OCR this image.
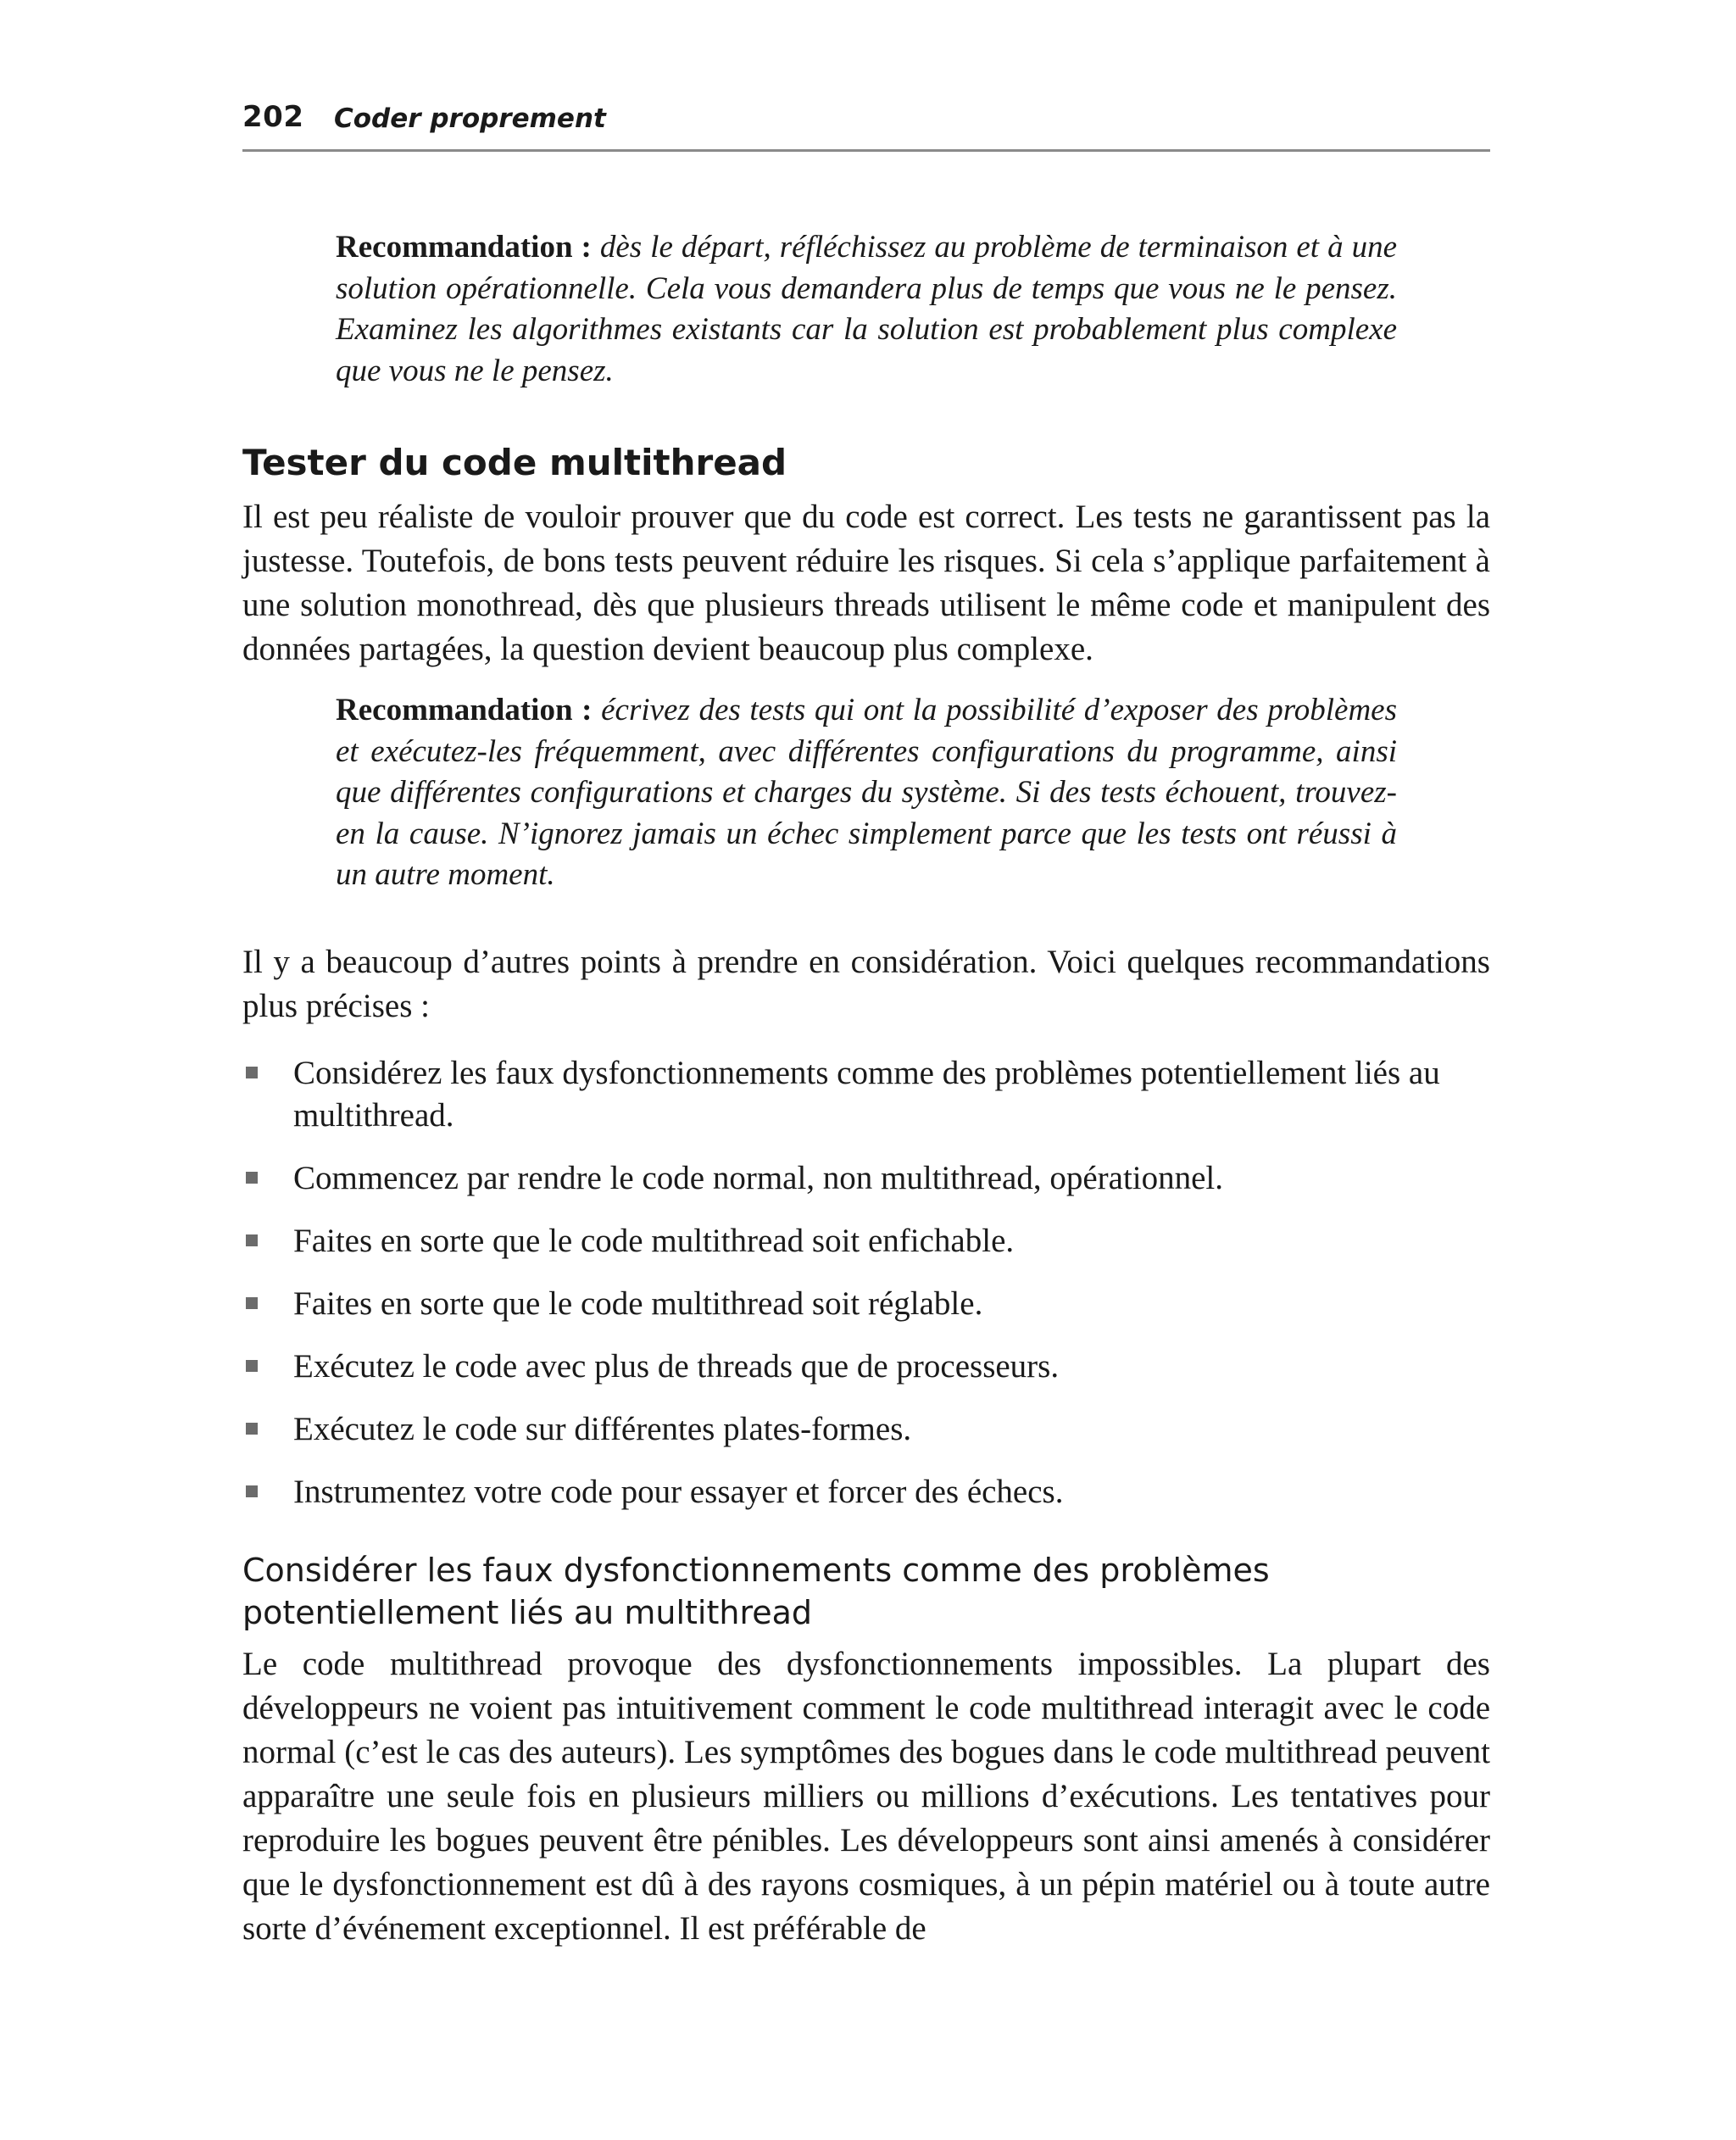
202 Coder proprement
Recommandation : dès le départ, réfléchissez au problème de terminaison et à une solution opérationnelle. Cela vous demandera plus de temps que vous ne le pensez. Examinez les algorithmes existants car la solution est probablement plus complexe que vous ne le pensez.
Tester du code multithread

Il est peu réaliste de vouloir prouver que du code est correct. Les tests ne garantissent pas la justesse. Toutefois, de bons tests peuvent réduire les risques. Si cela s’applique parfaitement à une solution monothread, dès que plusieurs threads utilisent le même code et manipulent des données partagées, la question devient beaucoup plus complexe.

Recommandation : écrivez des tests qui ont la possibilité d’exposer des problèmes et exécutez-les fréquemment, avec différentes configurations du programme, ainsi que différentes configurations et charges du système. Si des tests échouent, trouvez-en la cause. N’ignorez jamais un échec simplement parce que les tests ont réussi à un autre moment.

Il y a beaucoup d’autres points à prendre en considération. Voici quelques recommandations plus précises :

Considérez les faux dysfonctionnements comme des problèmes potentiellement liés au multithread.
Commencez par rendre le code normal, non multithread, opérationnel.
Faites en sorte que le code multithread soit enfichable.
Faites en sorte que le code multithread soit réglable.
Exécutez le code avec plus de threads que de processeurs.
Exécutez le code sur différentes plates-formes.
Instrumentez votre code pour essayer et forcer des échecs.
Considérer les faux dysfonctionnements comme des problèmes potentiellement liés au multithread

Le code multithread provoque des dysfonctionnements impossibles. La plupart des développeurs ne voient pas intuitivement comment le code multithread interagit avec le code normal (c’est le cas des auteurs). Les symptômes des bogues dans le code multithread peuvent apparaître une seule fois en plusieurs milliers ou millions d’exécutions. Les tentatives pour reproduire les bogues peuvent être pénibles. Les développeurs sont ainsi amenés à considérer que le dysfonctionnement est dû à des rayons cosmiques, à un pépin matériel ou à toute autre sorte d’événement exceptionnel. Il est préférable de
